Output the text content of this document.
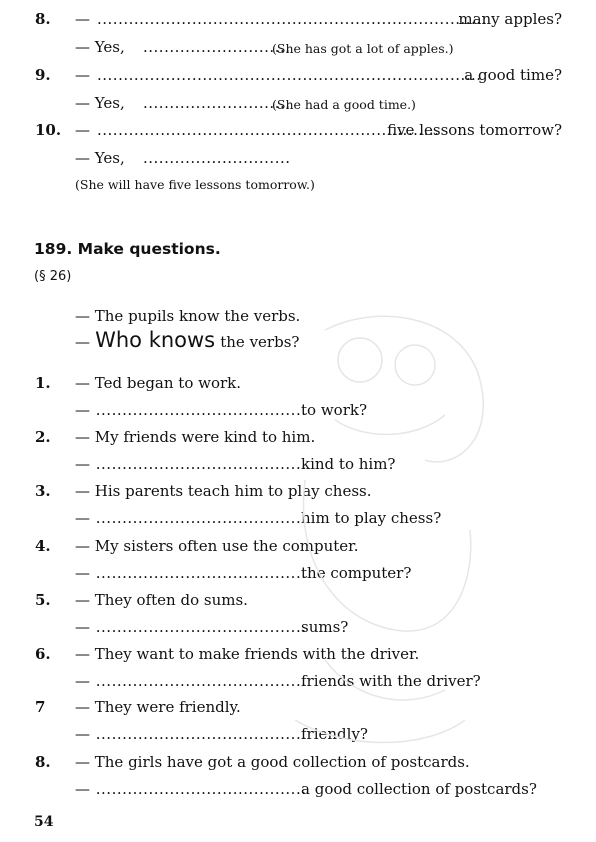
8. — ..........................................................................
many apples?
— Yes, ............................
(She has got a lot of apples.)
9. — .........................................................................
a good time?
— Yes, ............................
(She had a good time.)
10. — .................................................................
five lessons tomorrow?
— Yes, ............................
(She will have five lessons tomorrow.)
189. Make questions.
(§ 26)
— The pupils know the verbs.
— Who knows the verbs?
1. — Ted began to work.
— ........................................
to work?
2. — My friends were kind to him.
— ........................................
kind to him?
3. — His parents teach him to play chess.
— ........................................
him to play chess?
4. — My sisters often use the computer.
— ........................................
the computer?
5. — They often do sums.
— ........................................
sums?
6. — They want to make friends with the driver.
— ........................................
friends with the driver?
7 — They were friendly.
— ........................................
friendly?
8. — The girls have got a good collection of postcards.
— ........................................
a good collection of postcards?
54
